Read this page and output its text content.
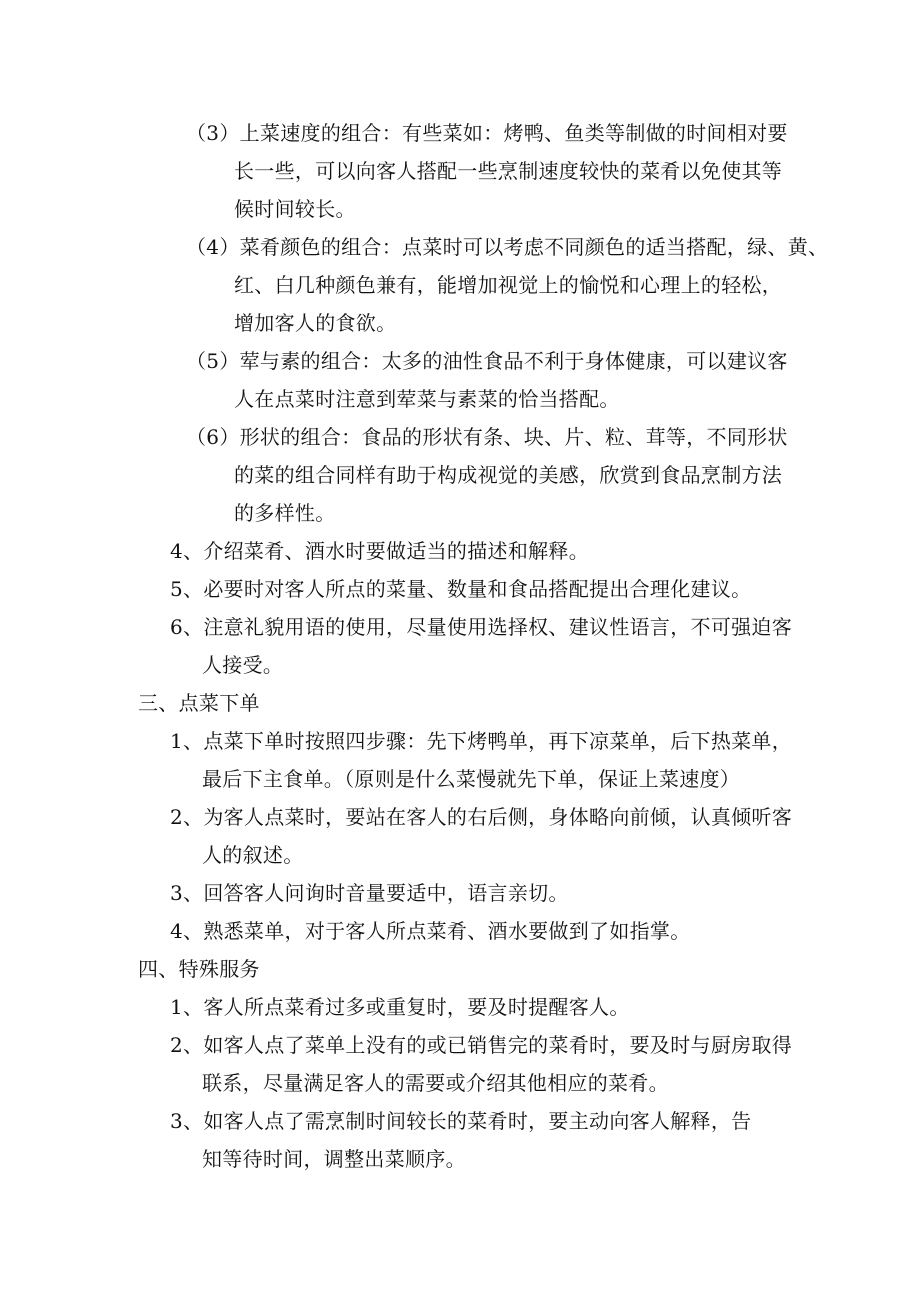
（3）上菜速度的组合：有些菜如：烤鸭、鱼类等制做的时间相对要
长一些，可以向客人搭配一些烹制速度较快的菜肴以免使其等
候时间较长。
（4）菜肴颜色的组合：点菜时可以考虑不同颜色的适当搭配，绿、黄、
红、白几种颜色兼有，能增加视觉上的愉悦和心理上的轻松，
增加客人的食欲。
（5）荤与素的组合：太多的油性食品不利于身体健康，可以建议客
人在点菜时注意到荤菜与素菜的恰当搭配。
（6）形状的组合：食品的形状有条、块、片、粒、茸等，不同形状
的菜的组合同样有助于构成视觉的美感，欣赏到食品烹制方法
的多样性。
4、介绍菜肴、酒水时要做适当的描述和解释。
5、必要时对客人所点的菜量、数量和食品搭配提出合理化建议。
6、注意礼貌用语的使用，尽量使用选择权、建议性语言，不可强迫客
人接受。
三、点菜下单
1、点菜下单时按照四步骤：先下烤鸭单，再下凉菜单，后下热菜单，
最后下主食单。（原则是什么菜慢就先下单，保证上菜速度）
2、为客人点菜时，要站在客人的右后侧，身体略向前倾，认真倾听客
人的叙述。
3、回答客人问询时音量要适中，语言亲切。
4、熟悉菜单，对于客人所点菜肴、酒水要做到了如指掌。
四、特殊服务
1、客人所点菜肴过多或重复时，要及时提醒客人。
2、如客人点了菜单上没有的或已销售完的菜肴时，要及时与厨房取得
联系，尽量满足客人的需要或介绍其他相应的菜肴。
3、如客人点了需烹制时间较长的菜肴时，要主动向客人解释，告
知等待时间，调整出菜顺序。
